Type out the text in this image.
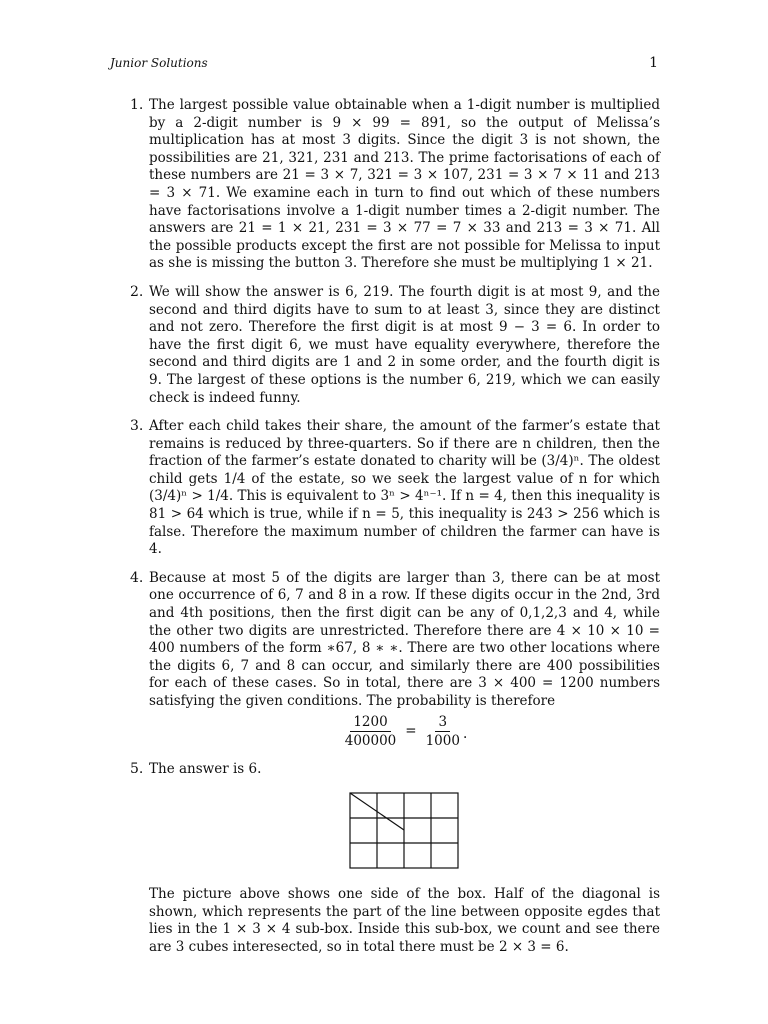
Junior Solutions	1
1. The largest possible value obtainable when a 1-digit number is multiplied by a 2-digit number is 9 × 99 = 891, so the output of Melissa’s multiplication has at most 3 digits. Since the digit 3 is not shown, the possibilities are 21, 321, 231 and 213. The prime factorisations of each of these numbers are 21 = 3 × 7, 321 = 3 × 107, 231 = 3 × 7 × 11 and 213 = 3 × 71. We examine each in turn to find out which of these numbers have factorisations involve a 1-digit number times a 2-digit number. The answers are 21 = 1 × 21, 231 = 3 × 77 = 7 × 33 and 213 = 3 × 71. All the possible products except the first are not possible for Melissa to input as she is missing the button 3. Therefore she must be multiplying 1 × 21.

2. We will show the answer is 6, 219. The fourth digit is at most 9, and the second and third digits have to sum to at least 3, since they are distinct and not zero. Therefore the first digit is at most 9 − 3 = 6. In order to have the first digit 6, we must have equality everywhere, therefore the second and third digits are 1 and 2 in some order, and the fourth digit is 9. The largest of these options is the number 6, 219, which we can easily check is indeed funny.

3. After each child takes their share, the amount of the farmer’s estate that remains is reduced by three-quarters. So if there are n children, then the fraction of the farmer’s estate donated to charity will be (3/4)ⁿ. The oldest child gets 1/4 of the estate, so we seek the largest value of n for which (3/4)ⁿ > 1/4. This is equivalent to 3ⁿ > 4ⁿ⁻¹. If n = 4, then this inequality is 81 > 64 which is true, while if n = 5, this inequality is 243 > 256 which is false. Therefore the maximum number of children the farmer can have is 4.

4. Because at most 5 of the digits are larger than 3, there can be at most one occurrence of 6, 7 and 8 in a row. If these digits occur in the 2nd, 3rd and 4th positions, then the first digit can be any of 0,1,2,3 and 4, while the other two digits are unrestricted. Therefore there are 4 × 10 × 10 = 400 numbers of the form ∗67, 8 ∗ ∗. There are two other locations where the digits 6, 7 and 8 can occur, and similarly there are 400 possibilities for each of these cases. So in total, there are 3 × 400 = 1200 numbers satisfying the given conditions. The probability is therefore

$\frac{1200}{400000} = \frac{3}{1000}$ .
5. The answer is 6.

The picture above shows one side of the box. Half of the diagonal is shown, which represents the part of the line between opposite egdes that lies in the 1 × 3 × 4 sub-box. Inside this sub-box, we count and see there are 3 cubes interesected, so in total there must be 2 × 3 = 6.
